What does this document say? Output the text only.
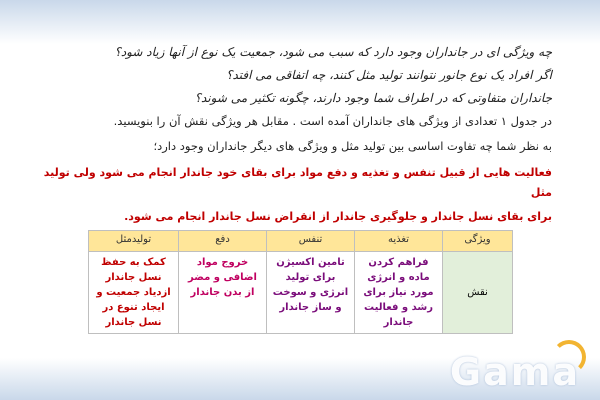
چه ویژگی ای در جانداران وجود دارد که سبب می شود، جمعیت یک نوع از آنها زیاد شود؟

اگر افراد یک نوع جانور نتوانند تولید مثل کنند، چه اتفاقی می افتد؟

جانداران متفاوتی که در اطراف شما وجود دارند، چگونه تکثیر می شوند؟

در جدول ۱ تعدادی از ویژگی های جانداران آمده است . مقابل هر ویژگی نقش آن را بنویسید.

به نظر شما چه تفاوت اساسی بین تولید مثل و ویژگی های دیگر جانداران وجود دارد؛

فعالیت هایی از قبیل تنفس و تغذیه و دفع مواد برای بقای خود جاندار انجام می شود ولی تولید مثل

برای بقای نسل جاندار و جلوگیری جاندار از انقراض نسل جاندار انجام می شود.

ویژگی	تغذیه	تنفس	دفع	تولیدمثل
نقش	فراهم کردن ماده و انرژی مورد نیاز برای رشد و فعالیت جاندار	تامین اکسیژن برای تولید انرژی و سوخت و ساز جاندار	خروج مواد اضافی و مضر از بدن جاندار	کمک به حفظ نسل جاندار ازدیاد جمعیت و ایجاد تنوع در نسل جاندار
Gama
